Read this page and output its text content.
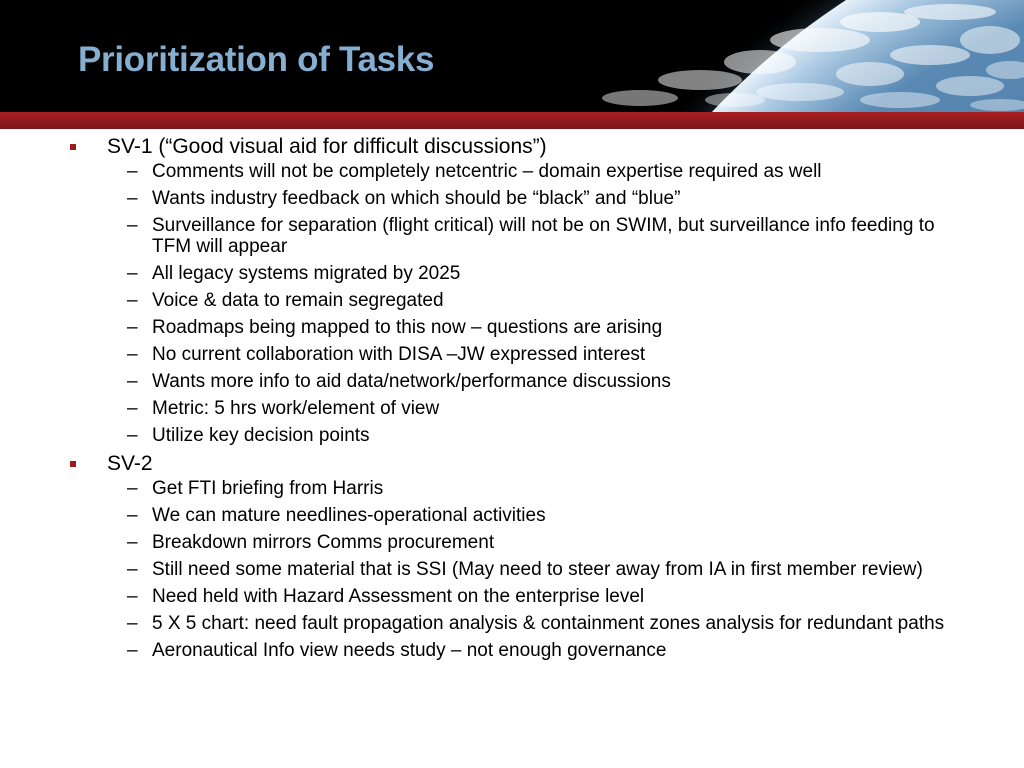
Prioritization of Tasks
SV-1 (“Good visual aid for difficult discussions”)
– Comments will not be completely netcentric – domain expertise required as well
– Wants industry feedback on which should be “black” and “blue”
– Surveillance for separation (flight critical) will not be on SWIM, but surveillance info feeding to TFM will appear
– All legacy systems migrated by 2025
– Voice & data to remain segregated
– Roadmaps being mapped to this now – questions are arising
– No current collaboration with DISA –JW expressed interest
– Wants more info to aid data/network/performance discussions
– Metric: 5 hrs work/element of view
– Utilize key decision points
SV-2
– Get FTI briefing from Harris
– We can mature needlines-operational activities
– Breakdown mirrors Comms procurement
– Still need some material that is SSI (May need to steer away from IA in first member review)
– Need held with Hazard Assessment on the enterprise level
– 5 X 5 chart: need fault propagation analysis & containment zones analysis for redundant paths
– Aeronautical Info view needs study – not enough governance
